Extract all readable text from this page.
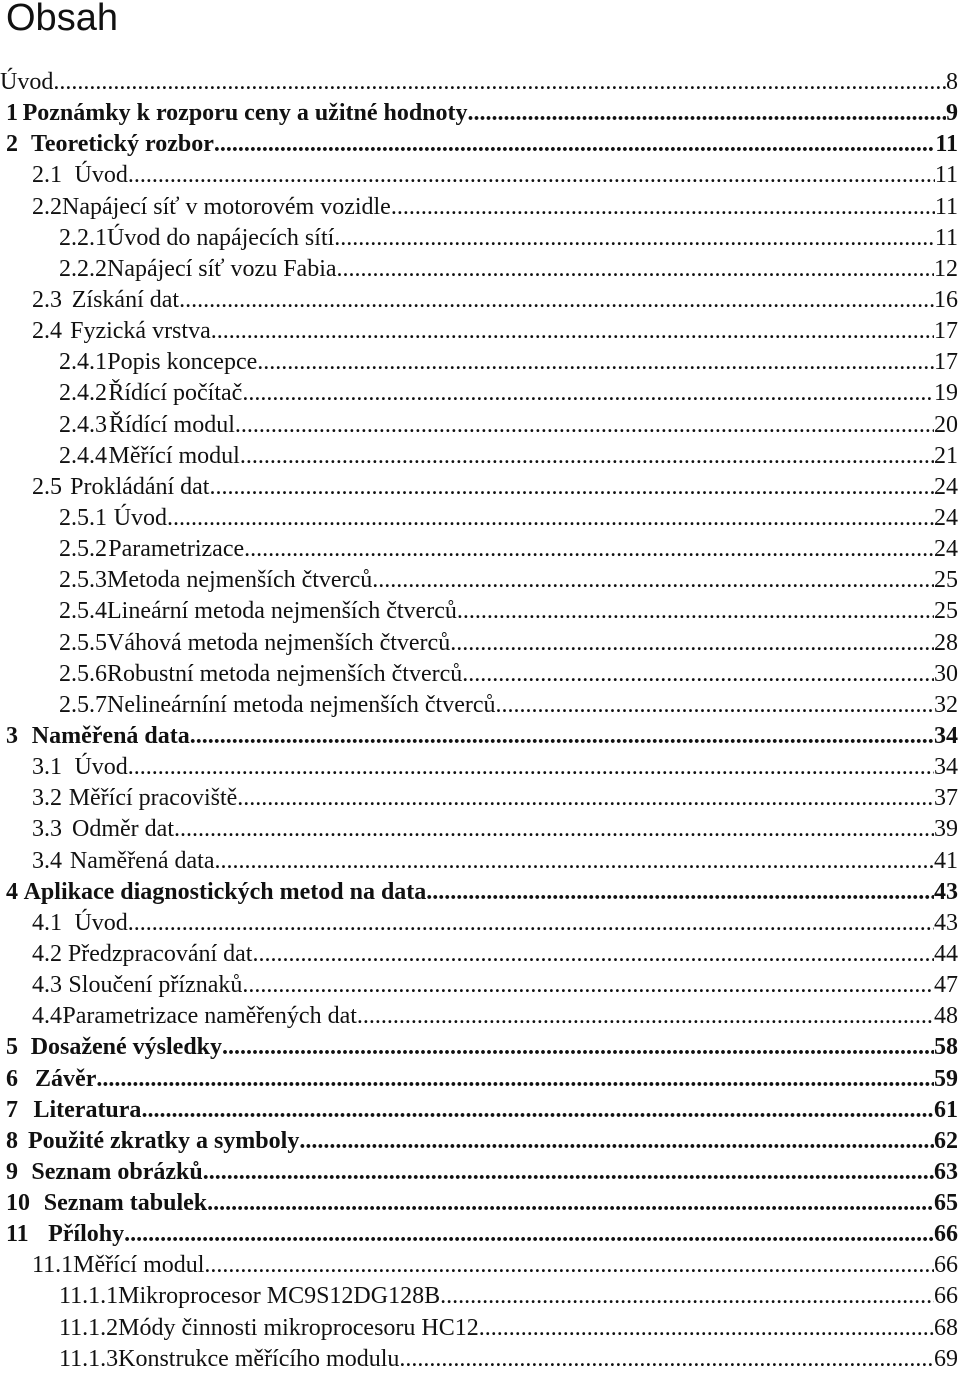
Obsah
Úvod .....	8
1 Poznámky k rozporu ceny a užitné hodnoty .....	9
2 Teoretický rozbor .....	11
2.1 Úvod .....	11
2.2 Napájecí síť v motorovém vozidle .....	11
2.2.1 Úvod do napájecích sítí .....	11
2.2.2 Napájecí síť vozu Fabia .....	12
2.3 Získání dat .....	16
2.4 Fyzická vrstva .....	17
2.4.1 Popis koncepce .....	17
2.4.2 Řídící počítač .....	19
2.4.3 Řídící modul .....	20
2.4.4 Měřící modul .....	21
2.5 Prokládání dat .....	24
2.5.1 Úvod .....	24
2.5.2 Parametrizace .....	24
2.5.3 Metoda nejmenších čtverců .....	25
2.5.4 Lineární metoda nejmenších čtverců .....	25
2.5.5 Váhová metoda nejmenších čtverců .....	28
2.5.6 Robustní metoda nejmenších čtverců .....	30
2.5.7 Nelineárníní metoda nejmenších čtverců .....	32
3 Naměřená data .....	34
3.1 Úvod .....	34
3.2 Měřící pracoviště .....	37
3.3 Odměr dat .....	39
3.4 Naměřená data .....	41
4 Aplikace diagnostických metod na data .....	43
4.1 Úvod .....	43
4.2 Předzpracování dat .....	44
4.3 Sloučení příznaků .....	47
4.4 Parametrizace naměřených dat .....	48
5 Dosažené výsledky .....	58
6 Závěr .....	59
7 Literatura .....	61
8 Použité zkratky a symboly .....	62
9 Seznam obrázků .....	63
10 Seznam tabulek .....	65
11 Přílohy .....	66
11.1 Měřící modul .....	66
11.1.1 Mikroprocesor MC9S12DG128B .....	66
11.1.2 Módy činnosti mikroprocesoru HC12 .....	68
11.1.3 Konstrukce měřícího modulu .....	69
